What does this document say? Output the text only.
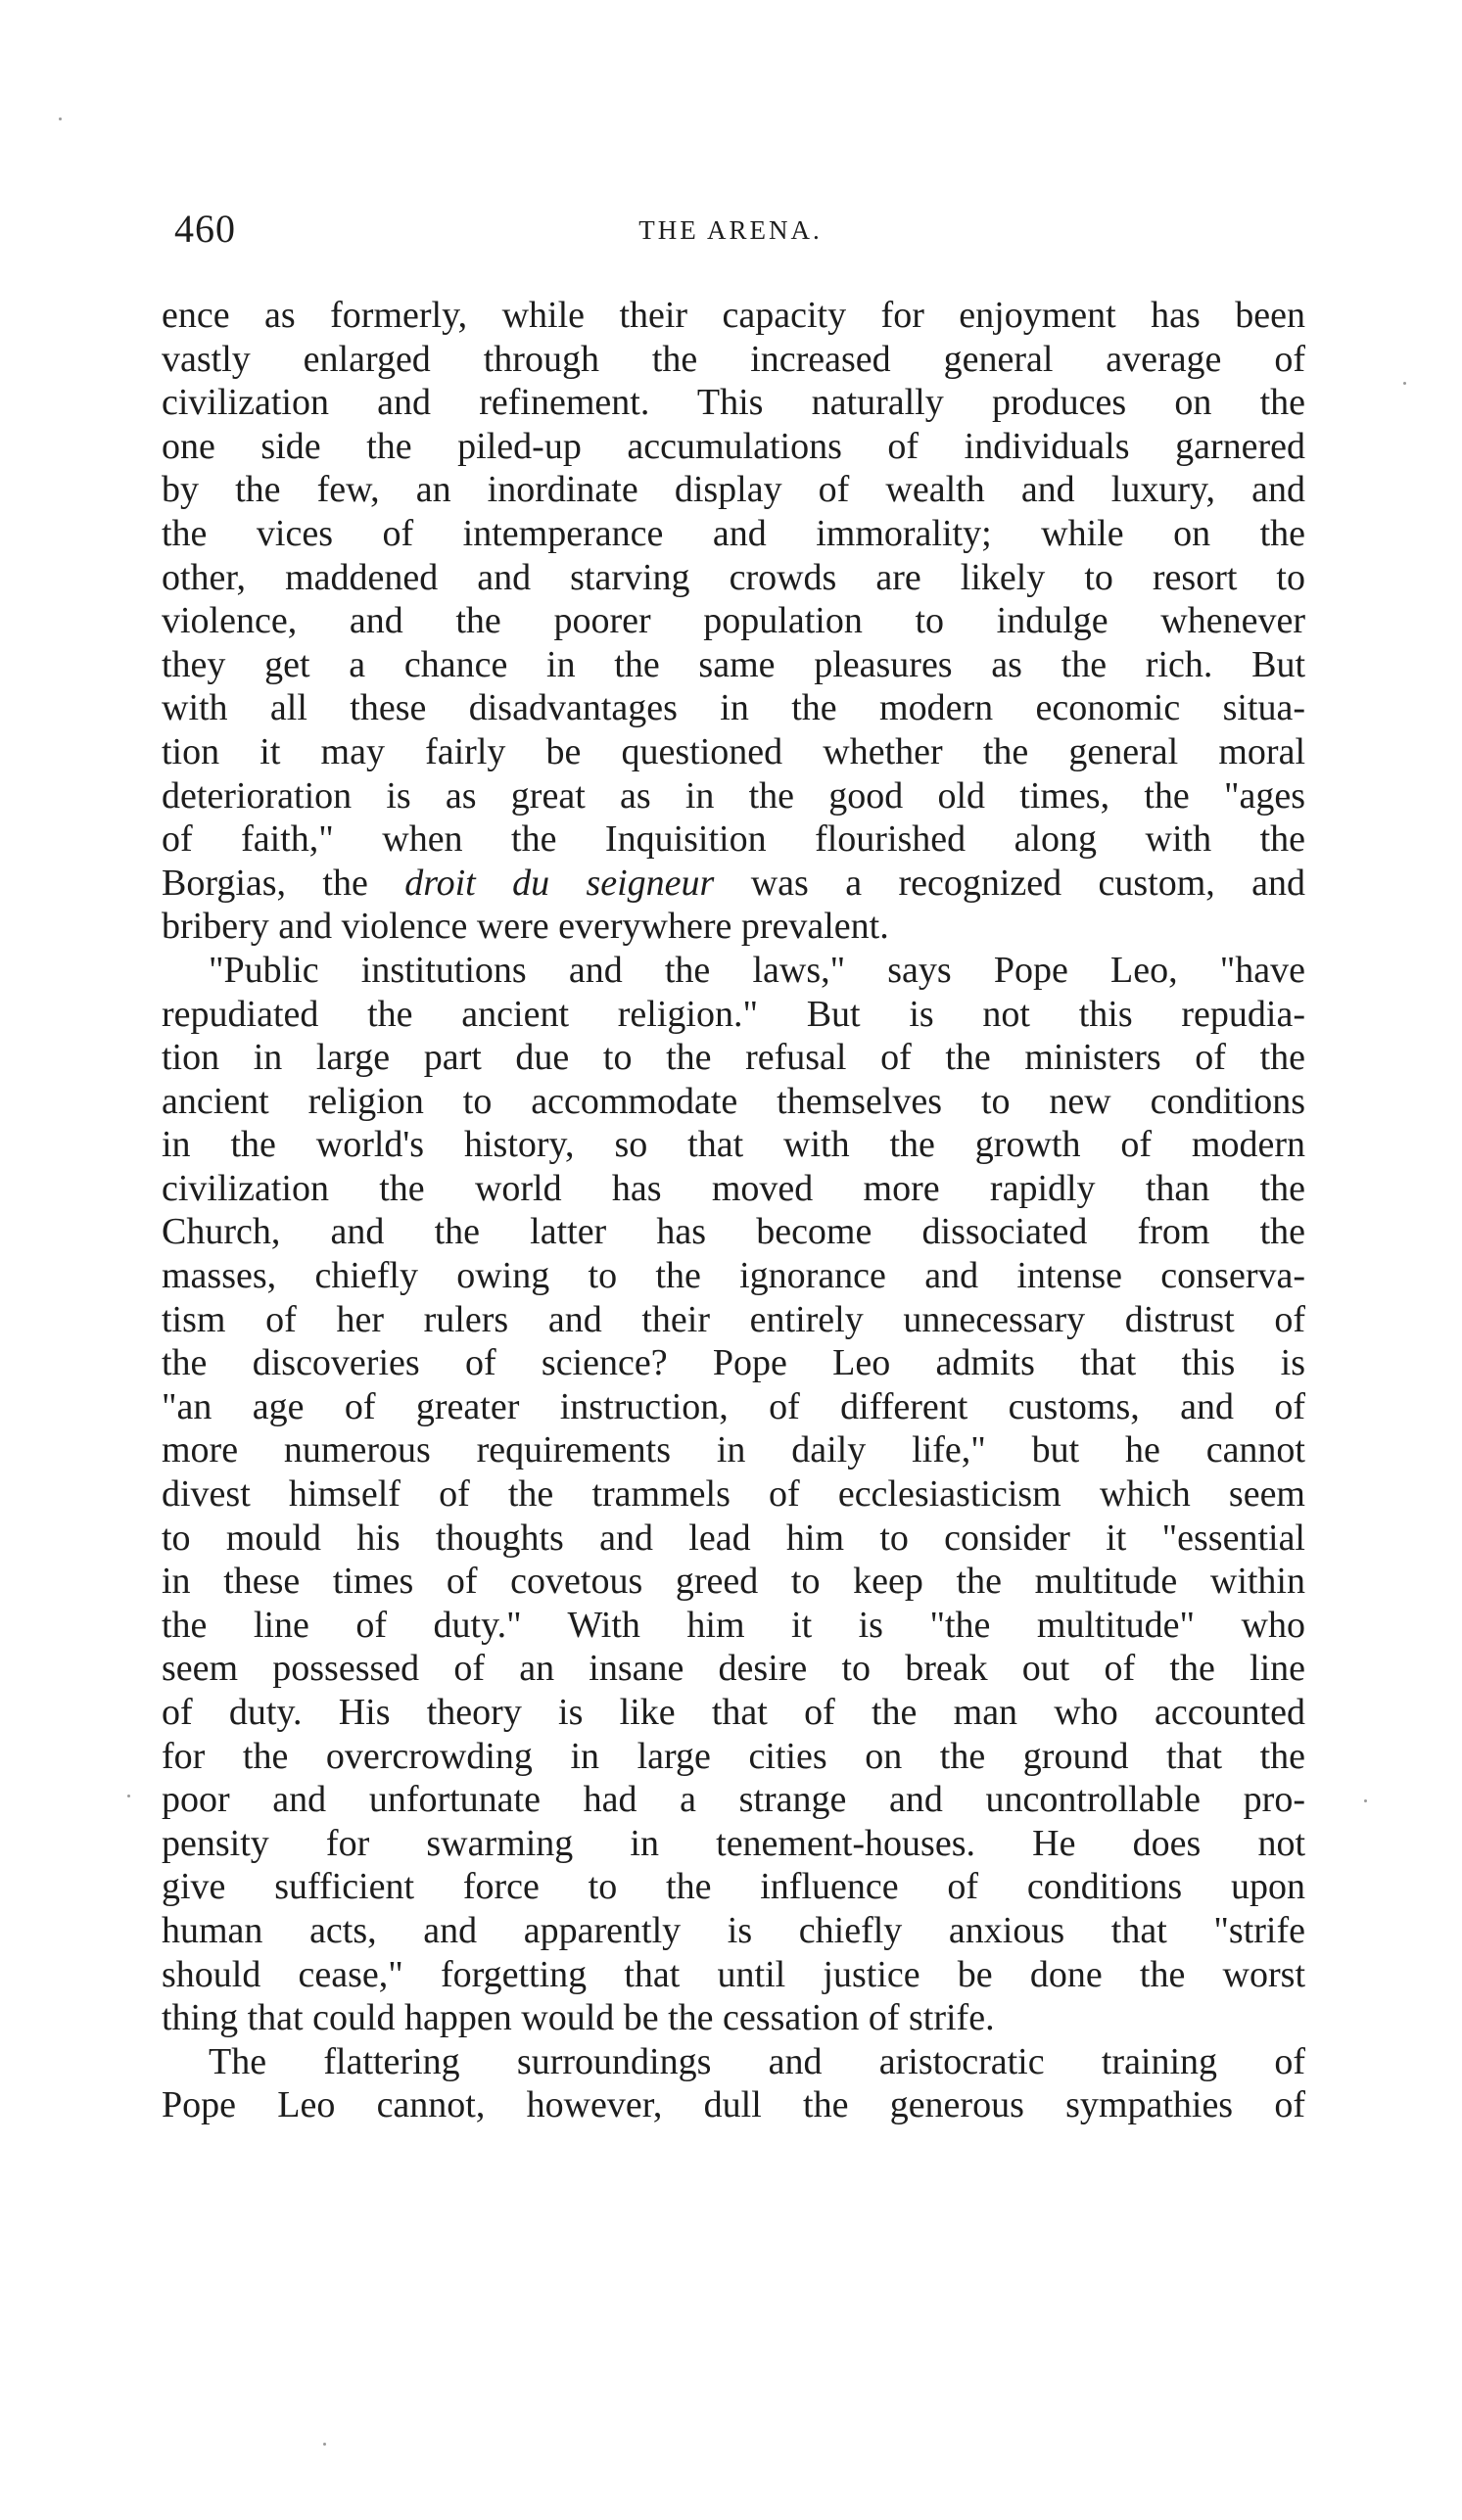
460	THE ARENA.
ence as formerly, while their capacity for enjoyment has been
vastly enlarged through the increased general average of
civilization and refinement. This naturally produces on the
one side the piled-up accumulations of individuals garnered
by the few, an inordinate display of wealth and luxury, and
the vices of intemperance and immorality; while on the
other, maddened and starving crowds are likely to resort to
violence, and the poorer population to indulge whenever
they get a chance in the same pleasures as the rich. But
with all these disadvantages in the modern economic situa-
tion it may fairly be questioned whether the general moral
deterioration is as great as in the good old times, the "ages
of faith," when the Inquisition flourished along with the
Borgias, the droit du seigneur was a recognized custom, and
bribery and violence were everywhere prevalent.
"Public institutions and the laws," says Pope Leo, "have
repudiated the ancient religion." But is not this repudia-
tion in large part due to the refusal of the ministers of the
ancient religion to accommodate themselves to new conditions
in the world's history, so that with the growth of modern
civilization the world has moved more rapidly than the
Church, and the latter has become dissociated from the
masses, chiefly owing to the ignorance and intense conserva-
tism of her rulers and their entirely unnecessary distrust of
the discoveries of science? Pope Leo admits that this is
"an age of greater instruction, of different customs, and of
more numerous requirements in daily life," but he cannot
divest himself of the trammels of ecclesiasticism which seem
to mould his thoughts and lead him to consider it "essential
in these times of covetous greed to keep the multitude within
the line of duty." With him it is "the multitude" who
seem possessed of an insane desire to break out of the line
of duty. His theory is like that of the man who accounted
for the overcrowding in large cities on the ground that the
poor and unfortunate had a strange and uncontrollable pro-
pensity for swarming in tenement-houses. He does not
give sufficient force to the influence of conditions upon
human acts, and apparently is chiefly anxious that "strife
should cease," forgetting that until justice be done the worst
thing that could happen would be the cessation of strife.
The flattering surroundings and aristocratic training of
Pope Leo cannot, however, dull the generous sympathies of
